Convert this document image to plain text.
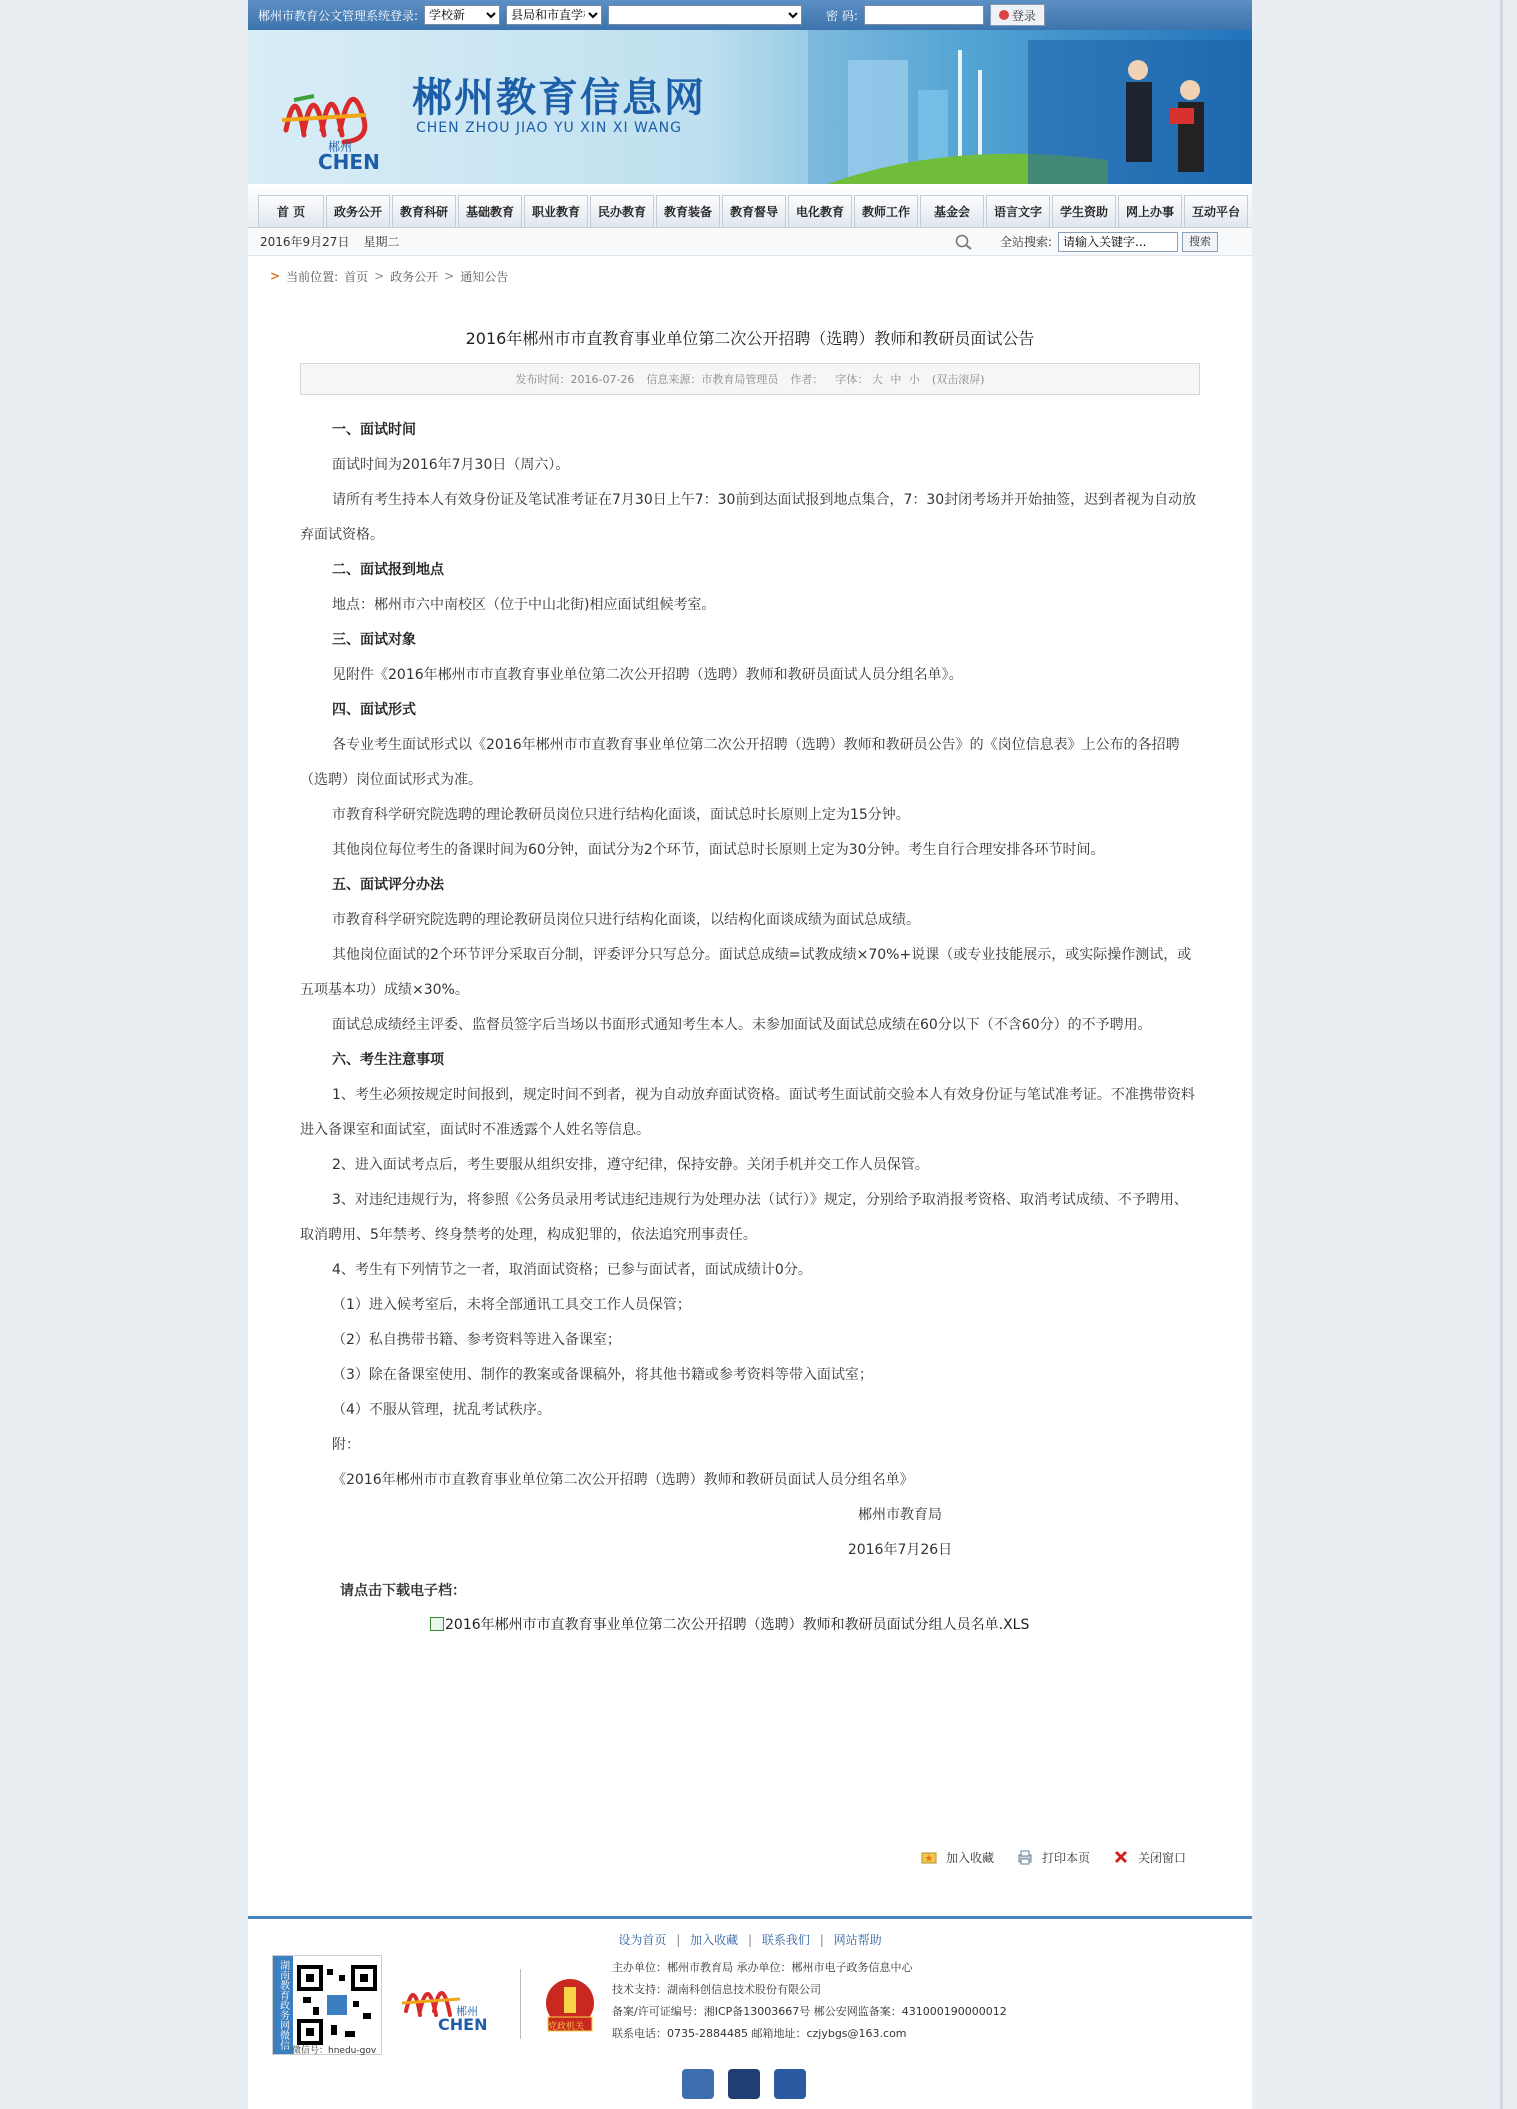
郴州市教育公文管理系统登录:
学校新
县局和市直学校	密 码:	登录
郴州
CHEN
郴州教育信息网
CHEN ZHOU JIAO YU XIN XI WANG
首 页	政务公开	教育科研	基础教育	职业教育	民办教育	教育装备	教育督导	电化教育	教师工作	基金会	语言文字	学生资助	网上办事	互动平台
2016年9月27日 星期二	全站搜索:
请输入关键字...	搜索
> 当前位置: 首页 > 政务公开 > 通知公告
2016年郴州市市直教育事业单位第二次公开招聘（选聘）教师和教研员面试公告
发布时间：2016-07-26 信息来源：市教育局管理员 作者： 字体： 大 中 小 (双击滚屏)

一、面试时间

面试时间为2016年7月30日（周六）。

请所有考生持本人有效身份证及笔试准考证在7月30日上午7：30前到达面试报到地点集合，7：30封闭考场并开始抽签，迟到者视为自动放弃面试资格。

二、面试报到地点

地点：郴州市六中南校区（位于中山北街)相应面试组候考室。

三、面试对象

见附件《2016年郴州市市直教育事业单位第二次公开招聘（选聘）教师和教研员面试人员分组名单》。

四、面试形式

各专业考生面试形式以《2016年郴州市市直教育事业单位第二次公开招聘（选聘）教师和教研员公告》的《岗位信息表》上公布的各招聘（选聘）岗位面试形式为准。

市教育科学研究院选聘的理论教研员岗位只进行结构化面谈，面试总时长原则上定为15分钟。

其他岗位每位考生的备课时间为60分钟，面试分为2个环节，面试总时长原则上定为30分钟。考生自行合理安排各环节时间。

五、面试评分办法

市教育科学研究院选聘的理论教研员岗位只进行结构化面谈，以结构化面谈成绩为面试总成绩。

其他岗位面试的2个环节评分采取百分制，评委评分只写总分。面试总成绩=试教成绩×70%+说课（或专业技能展示，或实际操作测试，或五项基本功）成绩×30%。

面试总成绩经主评委、监督员签字后当场以书面形式通知考生本人。未参加面试及面试总成绩在60分以下（不含60分）的不予聘用。

六、考生注意事项

1、考生必须按规定时间报到，规定时间不到者，视为自动放弃面试资格。面试考生面试前交验本人有效身份证与笔试准考证。不准携带资料进入备课室和面试室，面试时不准透露个人姓名等信息。

2、进入面试考点后，考生要服从组织安排，遵守纪律，保持安静。关闭手机并交工作人员保管。

3、对违纪违规行为，将参照《公务员录用考试违纪违规行为处理办法（试行）》规定，分别给予取消报考资格、取消考试成绩、不予聘用、取消聘用、5年禁考、终身禁考的处理，构成犯罪的，依法追究刑事责任。

4、考生有下列情节之一者，取消面试资格；已参与面试者，面试成绩计0分。

（1）进入候考室后，未将全部通讯工具交工作人员保管；

（2）私自携带书籍、参考资料等进入备课室；

（3）除在备课室使用、制作的教案或备课稿外，将其他书籍或参考资料等带入面试室；

（4）不服从管理，扰乱考试秩序。

附：

《2016年郴州市市直教育事业单位第二次公开招聘（选聘）教师和教研员面试人员分组名单》

郴州市教育局

2016年7月26日

请点击下载电子档：
2016年郴州市市直教育事业单位第二次公开招聘（选聘）教师和教研员面试分组人员名单.XLS
加入收藏	打印本页	关闭窗口
设为首页 | 加入收藏 | 联系我们 | 网站帮助
湖南教育政务网微信
微信号：hnedu-gov
郴州
CHEN	党政机关
主办单位：郴州市教育局 承办单位：郴州市电子政务信息中心
技术支持：湖南科创信息技术股份有限公司
备案/许可证编号：湘ICP备13003667号 郴公安网监备案：431000190000012
联系电话：0735-2884485 邮箱地址：czjybgs@163.com
